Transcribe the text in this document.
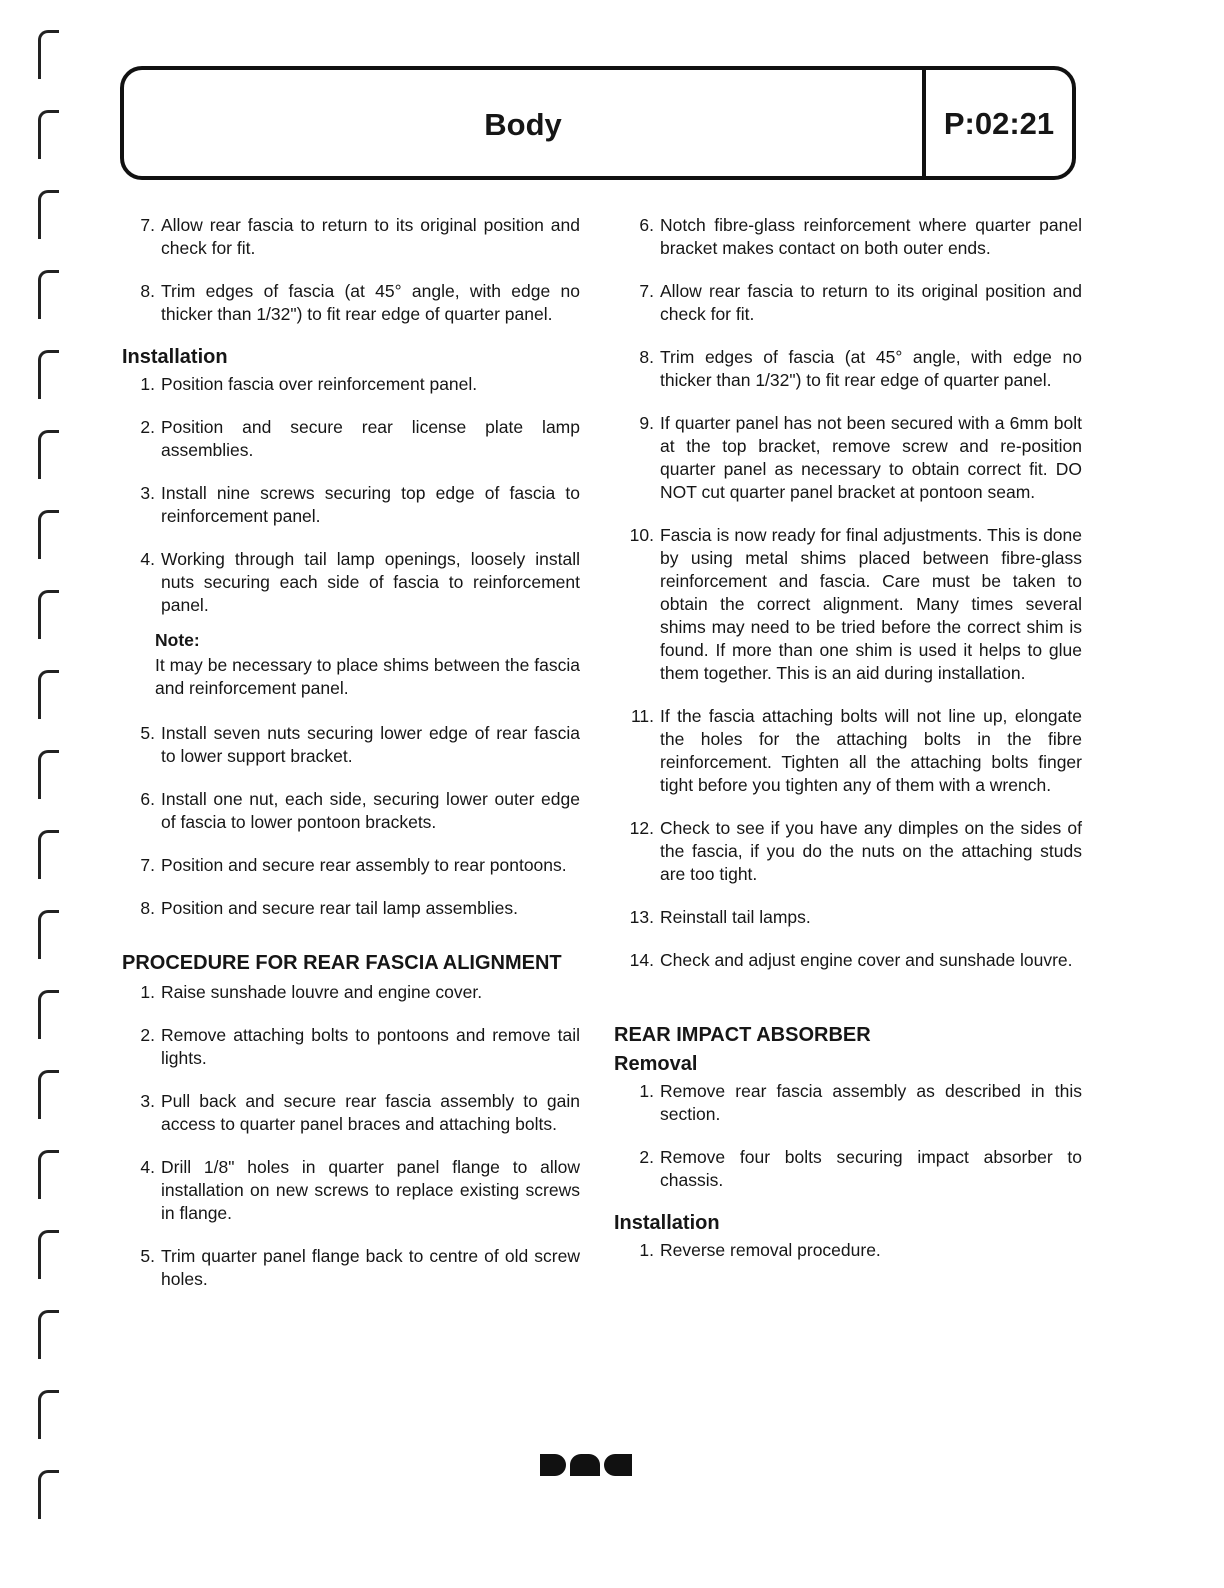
Body	P:02:21
7. Allow rear fascia to return to its original position and check for fit.
8. Trim edges of fascia (at 45° angle, with edge no thicker than 1/32") to fit rear edge of quarter panel.
Installation
1. Position fascia over reinforcement panel.
2. Position and secure rear license plate lamp assemblies.
3. Install nine screws securing top edge of fascia to reinforcement panel.
4. Working through tail lamp openings, loosely install nuts securing each side of fascia to reinforcement panel.
Note:
It may be necessary to place shims between the fascia and reinforcement panel.
5. Install seven nuts securing lower edge of rear fascia to lower support bracket.
6. Install one nut, each side, securing lower outer edge of fascia to lower pontoon brackets.
7. Position and secure rear assembly to rear pontoons.
8. Position and secure rear tail lamp assemblies.
PROCEDURE FOR REAR FASCIA ALIGNMENT
1. Raise sunshade louvre and engine cover.
2. Remove attaching bolts to pontoons and remove tail lights.
3. Pull back and secure rear fascia assembly to gain access to quarter panel braces and attaching bolts.
4. Drill 1/8" holes in quarter panel flange to allow installation on new screws to replace existing screws in flange.
5. Trim quarter panel flange back to centre of old screw holes.
6. Notch fibre-glass reinforcement where quarter panel bracket makes contact on both outer ends.
7. Allow rear fascia to return to its original position and check for fit.
8. Trim edges of fascia (at 45° angle, with edge no thicker than 1/32") to fit rear edge of quarter panel.
9. If quarter panel has not been secured with a 6mm bolt at the top bracket, remove screw and re-position quarter panel as necessary to obtain correct fit. DO NOT cut quarter panel bracket at pontoon seam.
10. Fascia is now ready for final adjustments. This is done by using metal shims placed between fibre-glass reinforcement and fascia. Care must be taken to obtain the correct alignment. Many times several shims may need to be tried before the correct shim is found. If more than one shim is used it helps to glue them together. This is an aid during installation.
11. If the fascia attaching bolts will not line up, elongate the holes for the attaching bolts in the fibre reinforcement. Tighten all the attaching bolts finger tight before you tighten any of them with a wrench.
12. Check to see if you have any dimples on the sides of the fascia, if you do the nuts on the attaching studs are too tight.
13. Reinstall tail lamps.
14. Check and adjust engine cover and sunshade louvre.
REAR IMPACT ABSORBER
Removal
1. Remove rear fascia assembly as described in this section.
2. Remove four bolts securing impact absorber to chassis.
Installation
1. Reverse removal procedure.
